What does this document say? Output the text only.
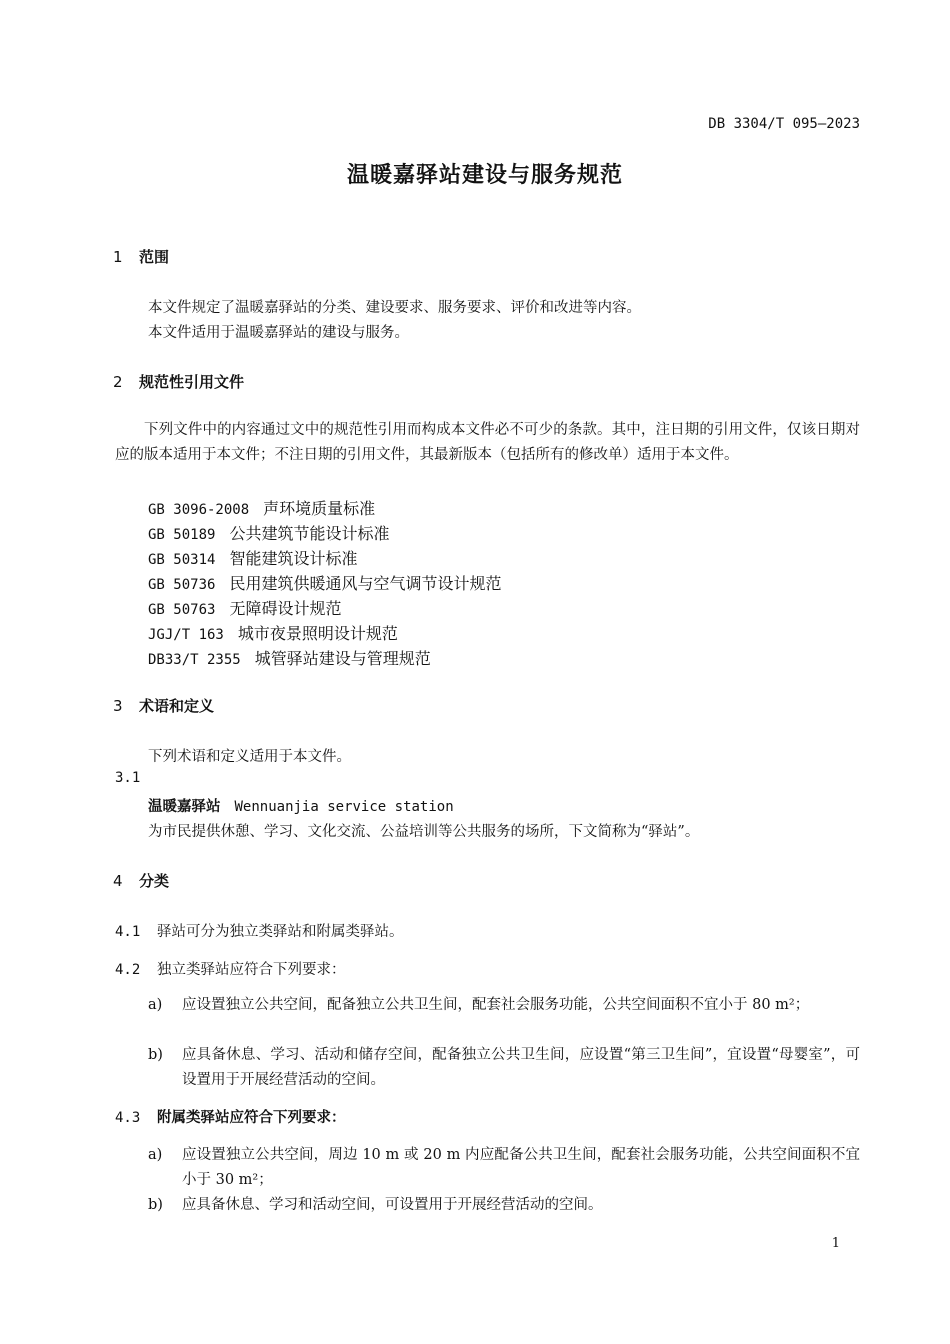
DB 3304/T 095—2023
温暖嘉驿站建设与服务规范
1 范围
本文件规定了温暖嘉驿站的分类、建设要求、服务要求、评价和改进等内容。
本文件适用于温暖嘉驿站的建设与服务。
2 规范性引用文件
下列文件中的内容通过文中的规范性引用而构成本文件必不可少的条款。其中，注日期的引用文件，仅该日期对应的版本适用于本文件；不注日期的引用文件，其最新版本（包括所有的修改单）适用于本文件。
GB 3096-2008 声环境质量标准
GB 50189 公共建筑节能设计标准
GB 50314 智能建筑设计标准
GB 50736 民用建筑供暖通风与空气调节设计规范
GB 50763 无障碍设计规范
JGJ/T 163 城市夜景照明设计规范
DB33/T 2355 城管驿站建设与管理规范
3 术语和定义
下列术语和定义适用于本文件。
3.1
温暖嘉驿站 Wennuanjia service station
为市民提供休憩、学习、文化交流、公益培训等公共服务的场所，下文简称为“驿站”。
4 分类
4.1 驿站可分为独立类驿站和附属类驿站。
4.2 独立类驿站应符合下列要求：
a) 应设置独立公共空间，配备独立公共卫生间，配套社会服务功能，公共空间面积不宜小于 80 m²；
b) 应具备休息、学习、活动和储存空间，配备独立公共卫生间，应设置“第三卫生间”，宜设置“母婴室”，可设置用于开展经营活动的空间。
4.3 附属类驿站应符合下列要求：
a) 应设置独立公共空间，周边 10 m 或 20 m 内应配备公共卫生间，配套社会服务功能，公共空间面积不宜小于 30 m²；
b) 应具备休息、学习和活动空间，可设置用于开展经营活动的空间。
1
